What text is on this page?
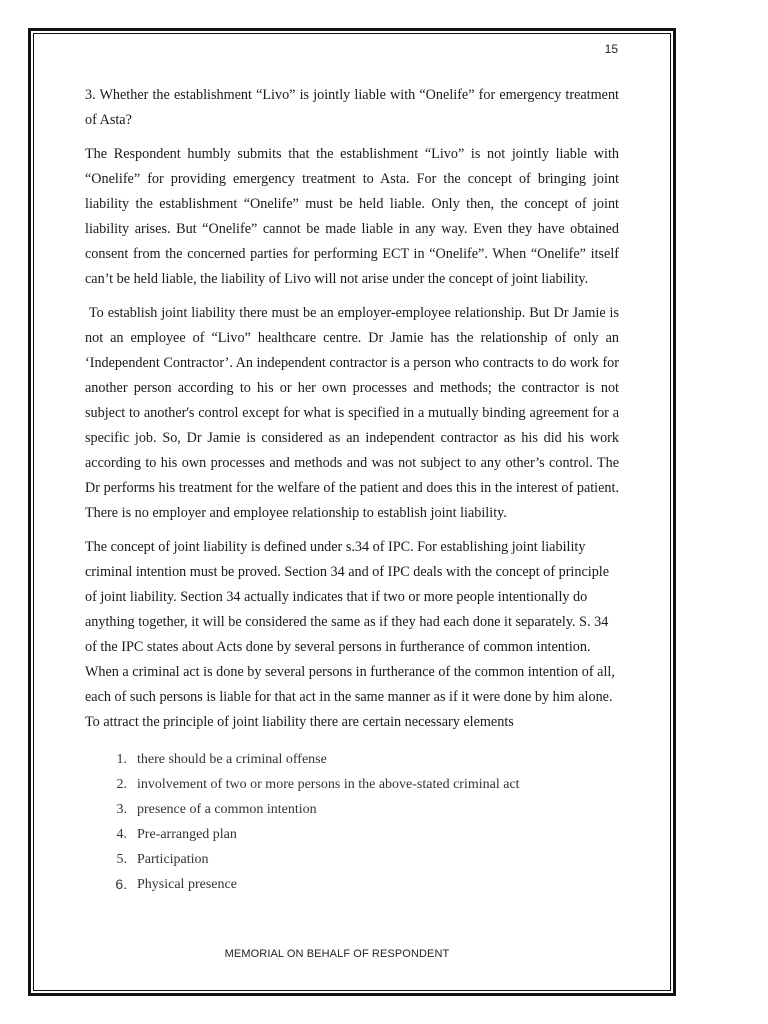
15

3. Whether the establishment “Livo” is jointly liable with “Onelife” for emergency treatment of Asta?

The Respondent humbly submits that the establishment “Livo” is not jointly liable with “Onelife” for providing emergency treatment to Asta. For the concept of bringing joint liability the establishment “Onelife” must be held liable. Only then, the concept of joint liability arises. But “Onelife” cannot be made liable in any way. Even they have obtained consent from the concerned parties for performing ECT in “Onelife”. When “Onelife” itself can’t be held liable, the liability of Livo will not arise under the concept of joint liability.

To establish joint liability there must be an employer-employee relationship. But Dr Jamie is not an employee of “Livo” healthcare centre. Dr Jamie has the relationship of only an ‘Independent Contractor’. An independent contractor is a person who contracts to do work for another person according to his or her own processes and methods; the contractor is not subject to another's control except for what is specified in a mutually binding agreement for a specific job. So, Dr Jamie is considered as an independent contractor as his did his work according to his own processes and methods and was not subject to any other’s control. The Dr performs his treatment for the welfare of the patient and does this in the interest of patient. There is no employer and employee relationship to establish joint liability.

The concept of joint liability is defined under s.34 of IPC. For establishing joint liability criminal intention must be proved. Section 34 and of IPC deals with the concept of principle of joint liability. Section 34 actually indicates that if two or more people intentionally do anything together, it will be considered the same as if they had each done it separately. S. 34 of the IPC states about Acts done by several persons in furtherance of common intention. When a criminal act is done by several persons in furtherance of the common intention of all, each of such persons is liable for that act in the same manner as if it were done by him alone. To attract the principle of joint liability there are certain necessary elements

1. there should be a criminal offense
2. involvement of two or more persons in the above-stated criminal act
3. presence of a common intention
4. Pre-arranged plan
5. Participation
6. Physical presence
MEMORIAL ON BEHALF OF RESPONDENT
